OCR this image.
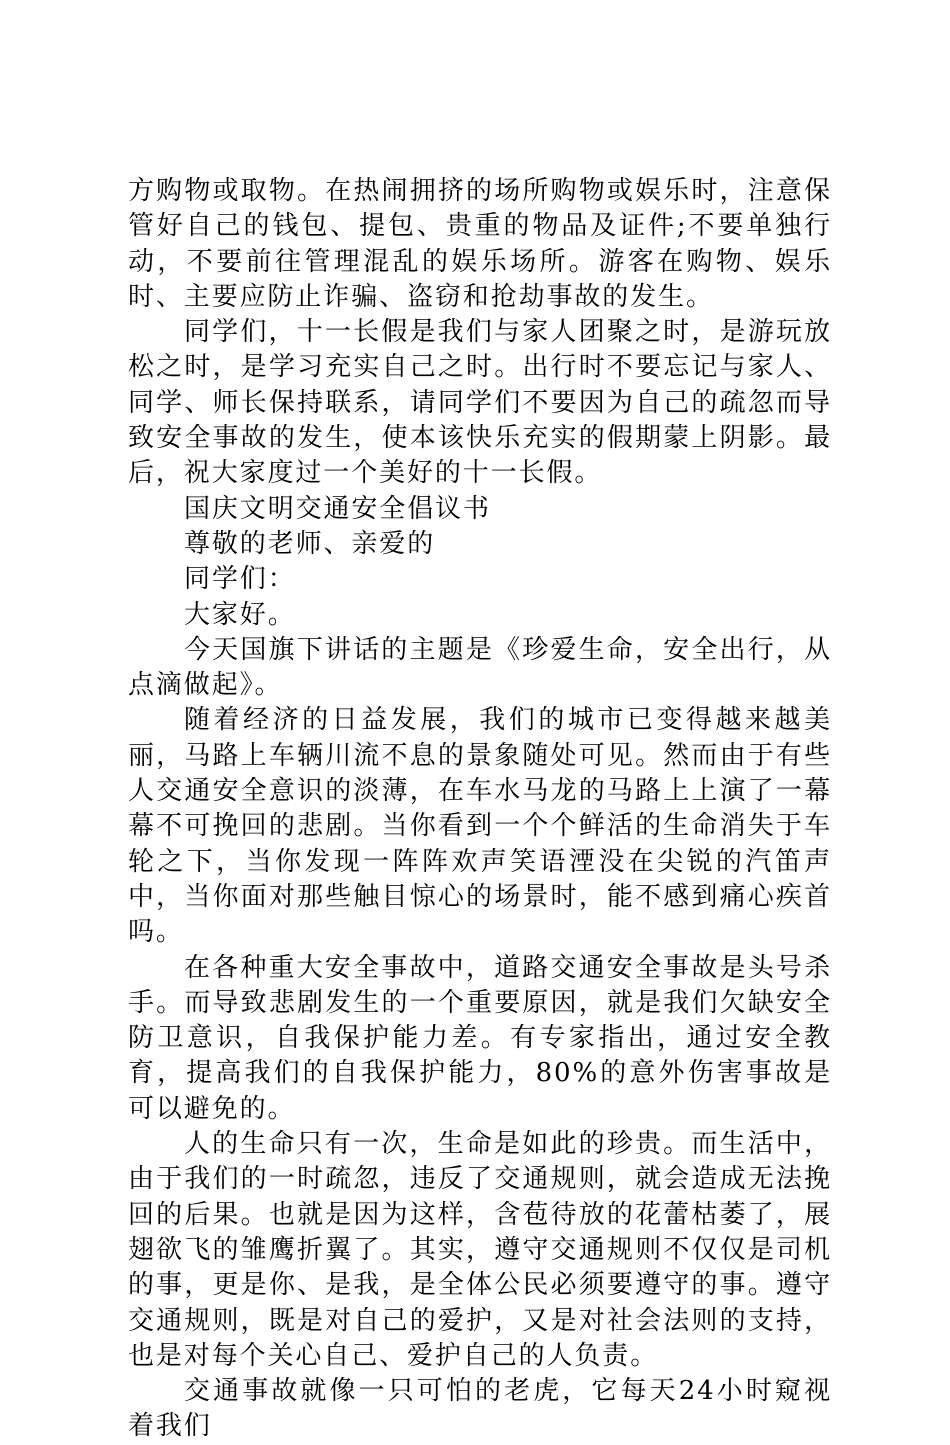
方购物或取物。在热闹拥挤的场所购物或娱乐时，注意保管好自己的钱包、提包、贵重的物品及证件;不要单独行动，不要前往管理混乱的娱乐场所。游客在购物、娱乐时、主要应防止诈骗、盗窃和抢劫事故的发生。

同学们，十一长假是我们与家人团聚之时，是游玩放松之时，是学习充实自己之时。出行时不要忘记与家人、同学、师长保持联系，请同学们不要因为自己的疏忽而导致安全事故的发生，使本该快乐充实的假期蒙上阴影。最后，祝大家度过一个美好的十一长假。

国庆文明交通安全倡议书

尊敬的老师、亲爱的

同学们：

大家好。

今天国旗下讲话的主题是《珍爱生命，安全出行，从点滴做起》。

随着经济的日益发展，我们的城市已变得越来越美丽，马路上车辆川流不息的景象随处可见。然而由于有些人交通安全意识的淡薄，在车水马龙的马路上上演了一幕幕不可挽回的悲剧。当你看到一个个鲜活的生命消失于车轮之下，当你发现一阵阵欢声笑语湮没在尖锐的汽笛声中，当你面对那些触目惊心的场景时，能不感到痛心疾首吗。

在各种重大安全事故中，道路交通安全事故是头号杀手。而导致悲剧发生的一个重要原因，就是我们欠缺安全防卫意识，自我保护能力差。有专家指出，通过安全教育，提高我们的自我保护能力，80%的意外伤害事故是可以避免的。

人的生命只有一次，生命是如此的珍贵。而生活中，由于我们的一时疏忽，违反了交通规则，就会造成无法挽回的后果。也就是因为这样，含苞待放的花蕾枯萎了，展翅欲飞的雏鹰折翼了。其实，遵守交通规则不仅仅是司机的事，更是你、是我，是全体公民必须要遵守的事。遵守交通规则，既是对自己的爱护，又是对社会法则的支持，也是对每个关心自己、爱护自己的人负责。

交通事故就像一只可怕的老虎，它每天24小时窥视着我们
